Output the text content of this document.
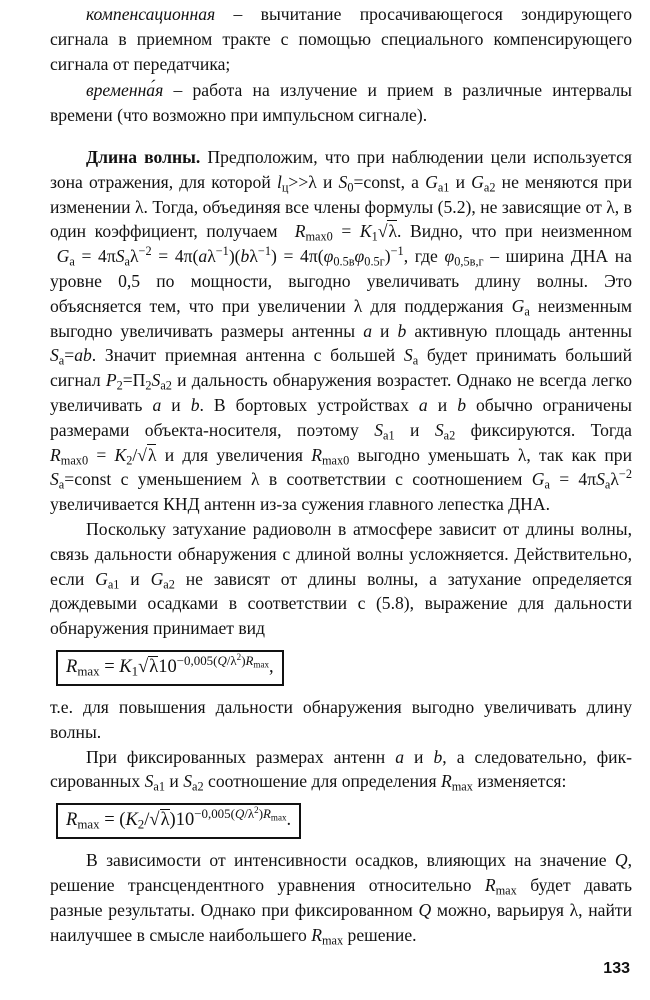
компенсационная – вычитание просачивающегося зондирующего сигнала в приемном тракте с помощью специального компенсирующего сигнала от передатчика;

временна́я – работа на излучение и прием в различные интервалы времени (что возможно при импульсном сигнале).

Длина волны. Предположим, что при наблюдении цели используется зона отражения, для которой $l_ц>>\lambda$ и $S_0=const$, а $G_{a1}$ и $G_{a2}$ не меняются при изменении λ. Тогда, объединяя все члены формулы (5.2), не зависящие от λ, в один коэффициент, получаем  $R_{max0} = K_1√\lambda$. Видно, что при неизменном  $G_a = 4\pi S_a\lambda^{-2} = 4\pi(a\lambda^{-1})(b\lambda^{-1}) = 4\pi(\varphi_{0.5в}\varphi_{0.5г})^{-1}$, где $\varphi_{0,5в,г}$ – ширина ДНА на уровне 0,5 по мощности, выгодно увеличивать длину волны. Это объясняется тем, что при увеличении λ для поддержания $G_a$ неизменным выгодно увеличивать размеры антенны a и b активную площадь антенны $S_a=ab$. Значит приемная антенна с большей $S_a$ будет принимать больший сигнал $P_2=П_2S_{a2}$ и дальность обнаружения возрастет. Однако не всегда легко увеличивать a и b. В бортовых устройствах a и b обычно ограничены размерами объекта-носителя, поэтому $S_{a1}$ и $S_{a2}$ фиксируются. Тогда $R_{max0} = K_2/√\lambda$ и для увеличения $R_{max0}$ выгодно уменьшать λ, так как при $S_a=const$ с уменьшением λ в соответствии с соотношением $G_a = 4\pi S_a\lambda^{-2}$ увеличивается КНД антенн из-за сужения главного лепестка ДНА.

Поскольку затухание радиоволн в атмосфере зависит от длины волны, связь дальности обнаружения с длиной волны усложняется. Действительно, если $G_{a1}$ и $G_{a2}$ не зависят от длины волны, а затухание определяется дождевыми осадками в соответствии с (5.8), выражение для дальности обнаружения принимает вид

$R_{max} = K_1√\lambda 10^{-0,005(Q/\lambda^2)R_{max}}$,

т.е. для повышения дальности обнаружения выгодно увеличивать длину волны.

При фиксированных размерах антенн a и b, а следовательно, фиксированных $S_{a1}$ и $S_{a2}$ соотношение для определения $R_{max}$ изменяется:

$R_{max} = (K_2/√\lambda)10^{-0,005(Q/\lambda^2)R_{max}}$.

В зависимости от интенсивности осадков, влияющих на значение Q, решение трансцендентного уравнения относительно $R_{max}$ будет давать разные результаты. Однако при фиксированном Q можно, варьируя λ, найти наилучшее в смысле наибольшего $R_{max}$ решение.

133
